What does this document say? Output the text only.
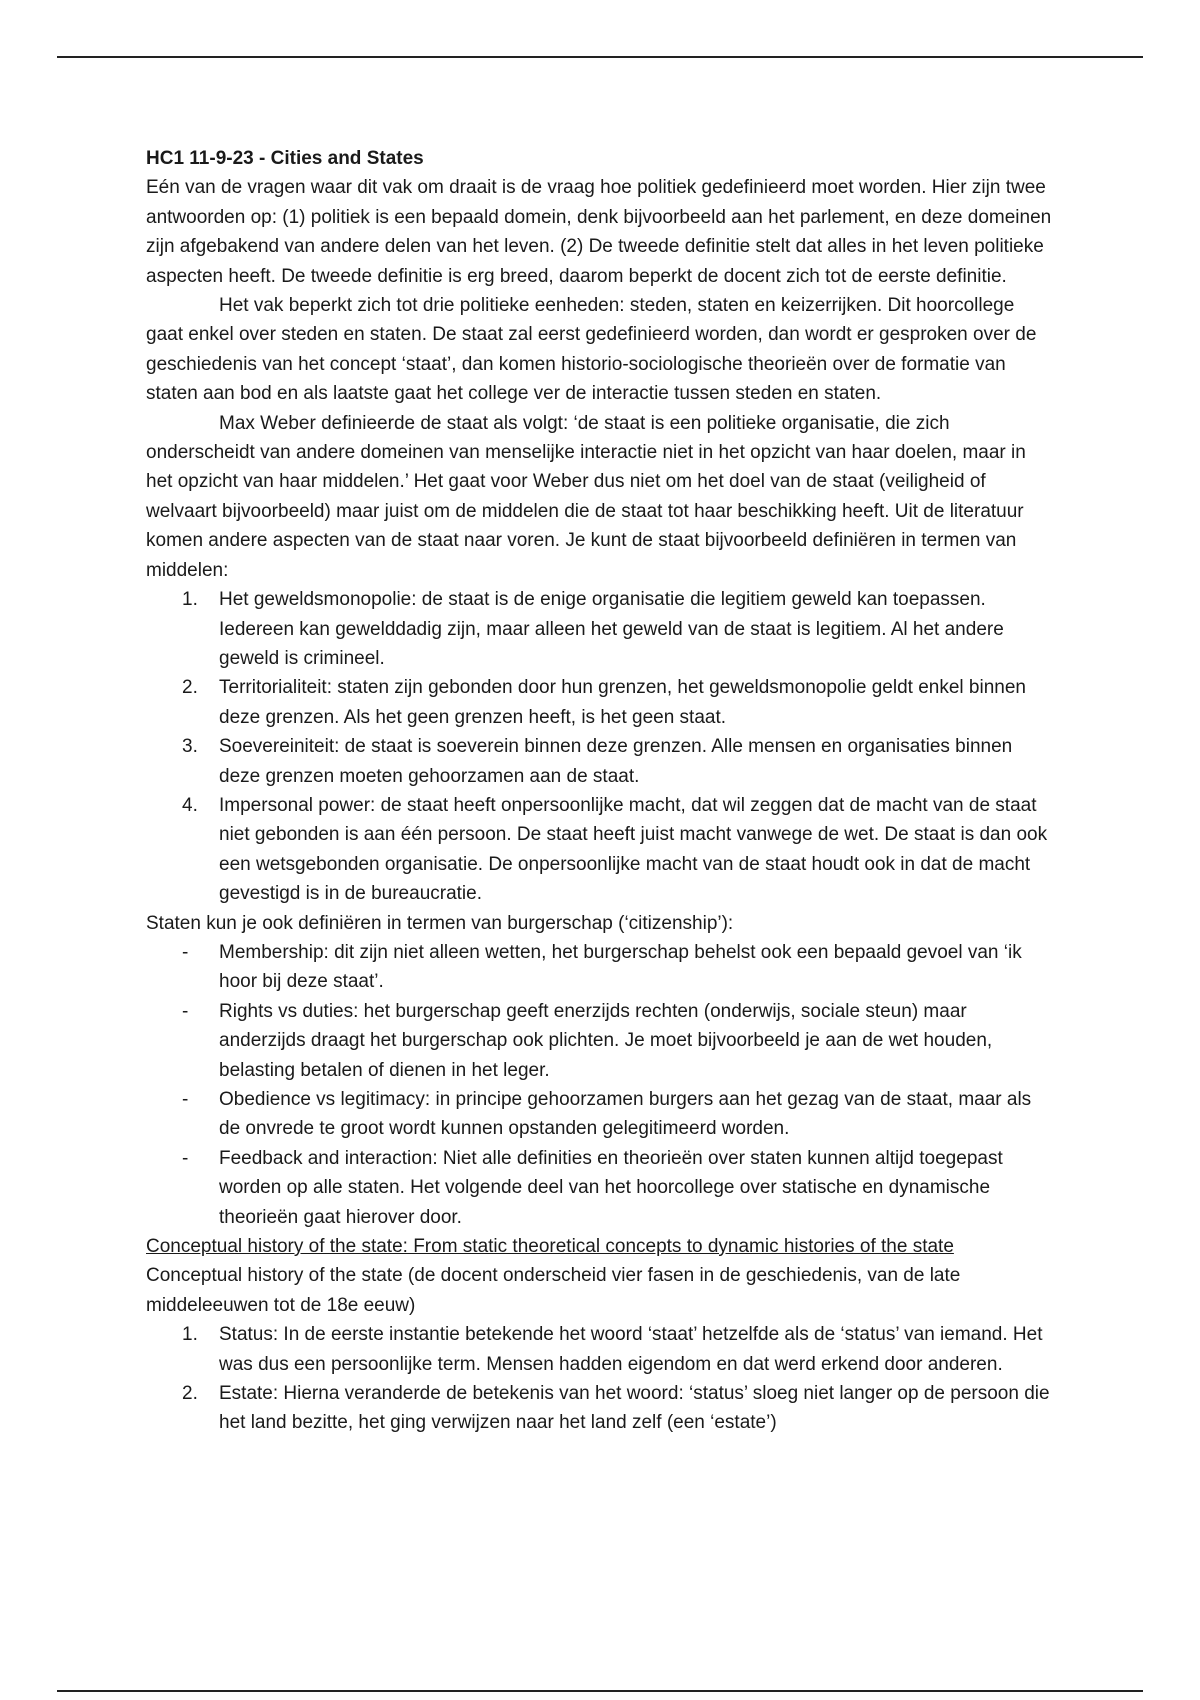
HC1 11-9-23 - Cities and States

Eén van de vragen waar dit vak om draait is de vraag hoe politiek gedefinieerd moet worden. Hier zijn twee antwoorden op: (1) politiek is een bepaald domein, denk bijvoorbeeld aan het parlement, en deze domeinen zijn afgebakend van andere delen van het leven. (2) De tweede definitie stelt dat alles in het leven politieke aspecten heeft. De tweede definitie is erg breed, daarom beperkt de docent zich tot de eerste definitie.

Het vak beperkt zich tot drie politieke eenheden: steden, staten en keizerrijken. Dit hoorcollege gaat enkel over steden en staten. De staat zal eerst gedefinieerd worden, dan wordt er gesproken over de geschiedenis van het concept ‘staat’, dan komen historio-sociologische theorieën over de formatie van staten aan bod en als laatste gaat het college ver de interactie tussen steden en staten.

Max Weber definieerde de staat als volgt: ‘de staat is een politieke organisatie, die zich onderscheidt van andere domeinen van menselijke interactie niet in het opzicht van haar doelen, maar in het opzicht van haar middelen.’ Het gaat voor Weber dus niet om het doel van de staat (veiligheid of welvaart bijvoorbeeld) maar juist om de middelen die de staat tot haar beschikking heeft. Uit de literatuur komen andere aspecten van de staat naar voren. Je kunt de staat bijvoorbeeld definiëren in termen van middelen:

1. Het geweldsmonopolie: de staat is de enige organisatie die legitiem geweld kan toepassen. Iedereen kan gewelddadig zijn, maar alleen het geweld van de staat is legitiem. Al het andere geweld is crimineel.
2. Territorialiteit: staten zijn gebonden door hun grenzen, het geweldsmonopolie geldt enkel binnen deze grenzen. Als het geen grenzen heeft, is het geen staat.
3. Soevereiniteit: de staat is soeverein binnen deze grenzen. Alle mensen en organisaties binnen deze grenzen moeten gehoorzamen aan de staat.
4. Impersonal power: de staat heeft onpersoonlijke macht, dat wil zeggen dat de macht van de staat niet gebonden is aan één persoon. De staat heeft juist macht vanwege de wet. De staat is dan ook een wetsgebonden organisatie. De onpersoonlijke macht van de staat houdt ook in dat de macht gevestigd is in de bureaucratie.

Staten kun je ook definiëren in termen van burgerschap (‘citizenship’):

- Membership: dit zijn niet alleen wetten, het burgerschap behelst ook een bepaald gevoel van ‘ik hoor bij deze staat’.
- Rights vs duties: het burgerschap geeft enerzijds rechten (onderwijs, sociale steun) maar anderzijds draagt het burgerschap ook plichten. Je moet bijvoorbeeld je aan de wet houden, belasting betalen of dienen in het leger.
- Obedience vs legitimacy: in principe gehoorzamen burgers aan het gezag van de staat, maar als de onvrede te groot wordt kunnen opstanden gelegitimeerd worden.
- Feedback and interaction: Niet alle definities en theorieën over staten kunnen altijd toegepast worden op alle staten. Het volgende deel van het hoorcollege over statische en dynamische theorieën gaat hierover door.

Conceptual history of the state: From static theoretical concepts to dynamic histories of the state

Conceptual history of the state (de docent onderscheid vier fasen in de geschiedenis, van de late middeleeuwen tot de 18e eeuw)

1. Status: In de eerste instantie betekende het woord ‘staat’ hetzelfde als de ‘status’ van iemand. Het was dus een persoonlijke term. Mensen hadden eigendom en dat werd erkend door anderen.
2. Estate: Hierna veranderde de betekenis van het woord: ‘status’ sloeg niet langer op de persoon die het land bezitte, het ging verwijzen naar het land zelf (een ‘estate’)
